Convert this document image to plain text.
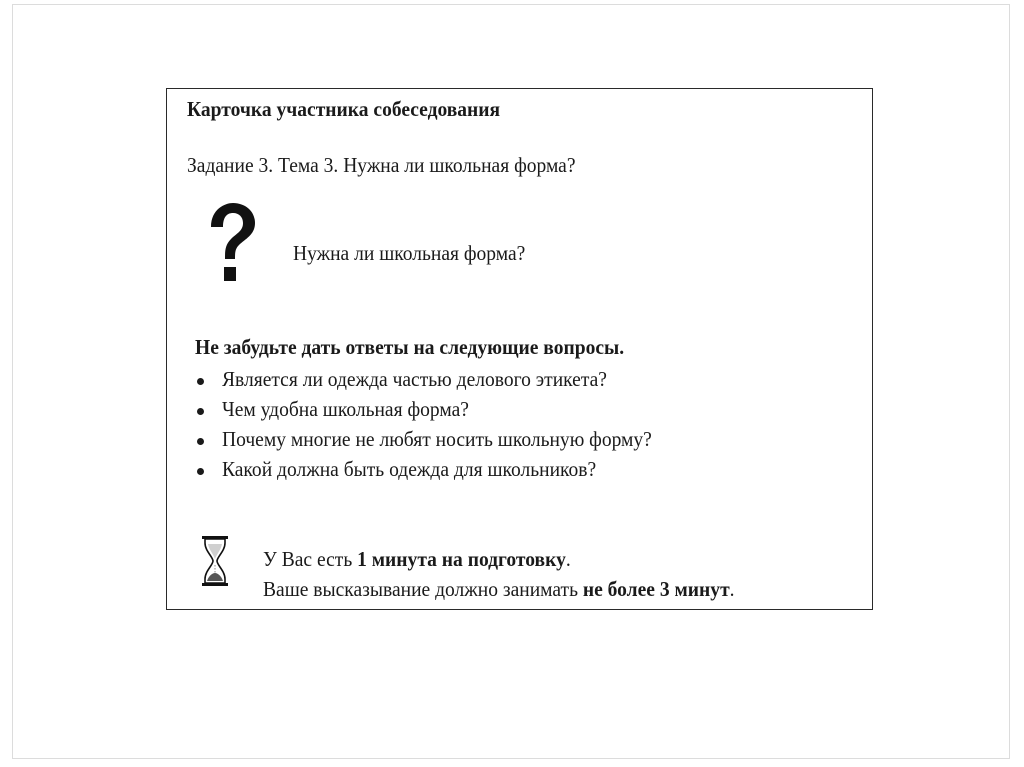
Карточка участника собеседования
Задание 3. Тема 3. Нужна ли школьная форма?
Нужна ли школьная форма?
Не забудьте дать ответы на следующие вопросы.
Является ли одежда частью делового этикета?
Чем удобна школьная форма?
Почему многие не любят носить школьную форму?
Какой должна быть одежда для школьников?
У Вас есть 1 минута на подготовку.
Ваше высказывание должно занимать не более 3 минут.
